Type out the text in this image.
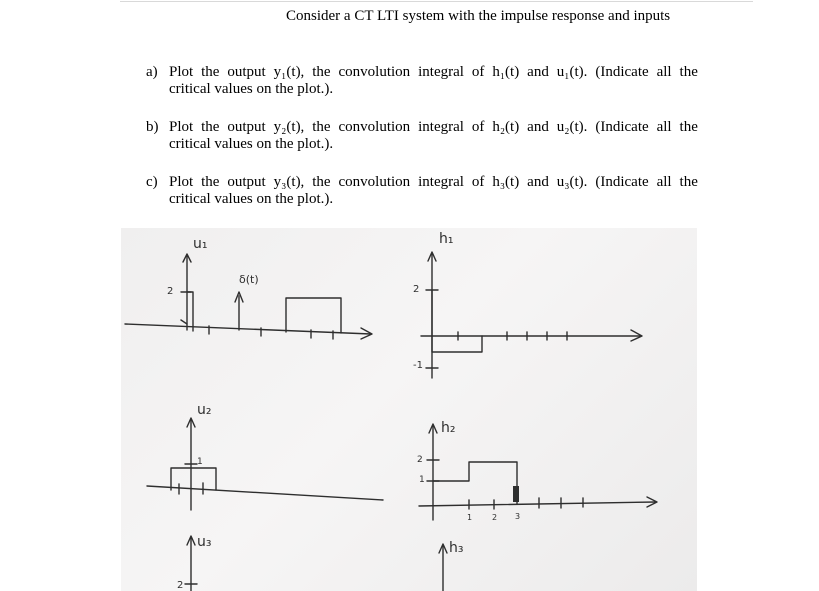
Consider a CT LTI system with the impulse response and inputs
a) Plot the output y₁(t), the convolution integral of h₁(t) and u₁(t). (Indicate all the
critical values on the plot.).
b) Plot the output y₂(t), the convolution integral of h₂(t) and u₂(t). (Indicate all the
critical values on the plot.).
c) Plot the output y₃(t), the convolution integral of h₃(t) and u₃(t). (Indicate all the
critical values on the plot.).
u₁
δ(t)
2
h₁
2
-1
u₂
1
h₂
2
1
1 2 3
u₃
2
h₃
